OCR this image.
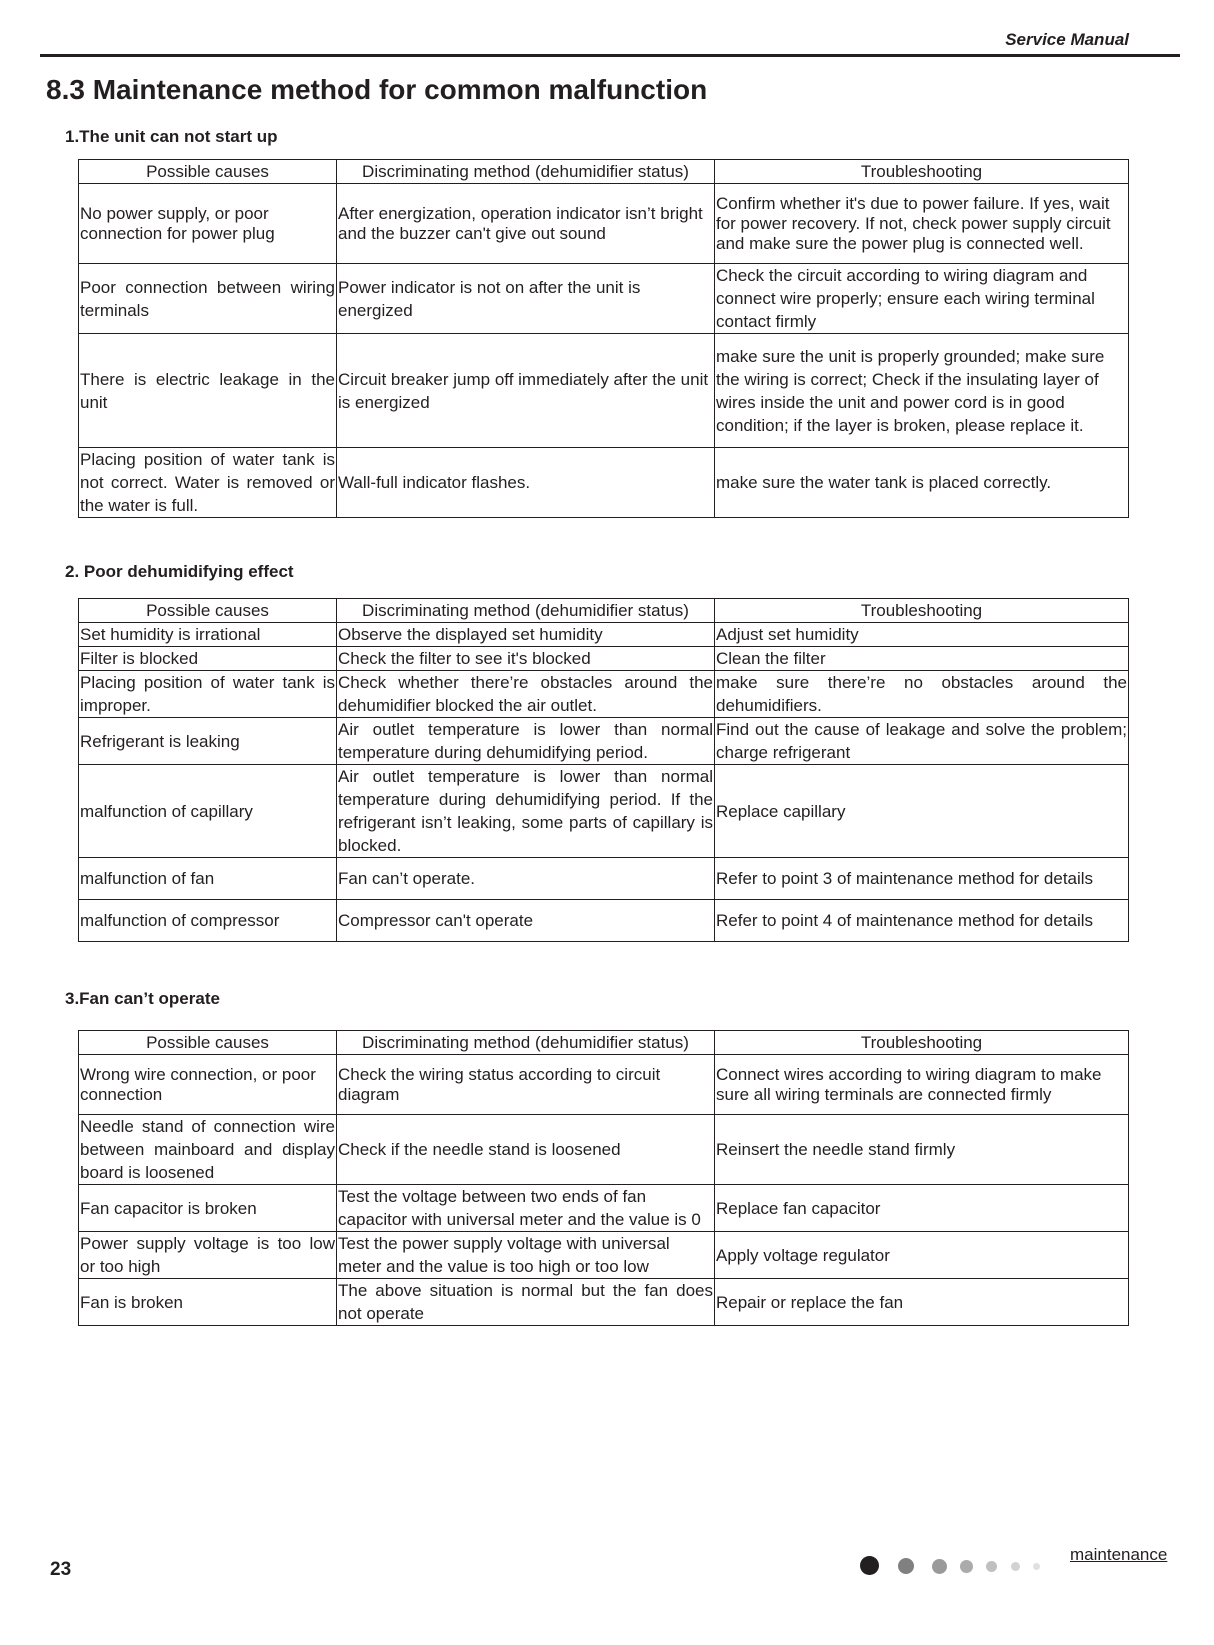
Service Manual
8.3 Maintenance method for common malfunction
1.The unit can not start up
Possible causes	Discriminating method (dehumidifier status)	Troubleshooting
No power supply, or poor connection for power plug	After energization, operation indicator isn’t bright and the buzzer can't give out sound	Confirm whether it's due to power failure. If yes, wait for power recovery. If not, check power supply circuit and make sure the power plug is connected well.
Poor connection between wiring terminals	Power indicator is not on after the unit is energized	Check the circuit according to wiring diagram and connect wire properly; ensure each wiring terminal contact firmly
There is electric leakage in the unit	Circuit breaker jump off immediately after the unit is energized	make sure the unit is properly grounded; make sure the wiring is correct; Check if the insulating layer of wires inside the unit and power cord is in good condition; if the layer is broken, please replace it.
Placing position of water tank is not correct. Water is removed or the water is full.	Wall-full indicator flashes.	make sure the water tank is placed correctly.
2. Poor dehumidifying effect
Possible causes	Discriminating method (dehumidifier status)	Troubleshooting
Set humidity is irrational	Observe the displayed set humidity	Adjust set humidity
Filter is blocked	Check the filter to see it's blocked	Clean the filter
Placing position of water tank is improper.	Check whether there’re obstacles around the dehumidifier blocked the air outlet.	make sure there’re no obstacles around the dehumidifiers.
Refrigerant is leaking	Air outlet temperature is lower than normal temperature during dehumidifying period.	Find out the cause of leakage and solve the problem; charge refrigerant
malfunction of capillary	Air outlet temperature is lower than normal temperature during dehumidifying period. If the refrigerant isn’t leaking, some parts of capillary is blocked.	Replace capillary
malfunction of fan	Fan can’t operate.	Refer to point 3 of maintenance method for details
malfunction of compressor	Compressor can't operate	Refer to point 4 of maintenance method for details
3.Fan can’t operate
Possible causes	Discriminating method (dehumidifier status)	Troubleshooting
Wrong wire connection, or poor connection	Check the wiring status according to circuit diagram	Connect wires according to wiring diagram to make sure all wiring terminals are connected firmly
Needle stand of connection wire between mainboard and display board is loosened	Check if the needle stand is loosened	Reinsert the needle stand firmly
Fan capacitor is broken	Test the voltage between two ends of fan capacitor with universal meter and the value is 0	Replace fan capacitor
Power supply voltage is too low or too high	Test the power supply voltage with universal meter and the value is too high or too low	Apply voltage regulator
Fan is broken	The above situation is normal but the fan does not operate	Repair or replace the fan
23
maintenance
